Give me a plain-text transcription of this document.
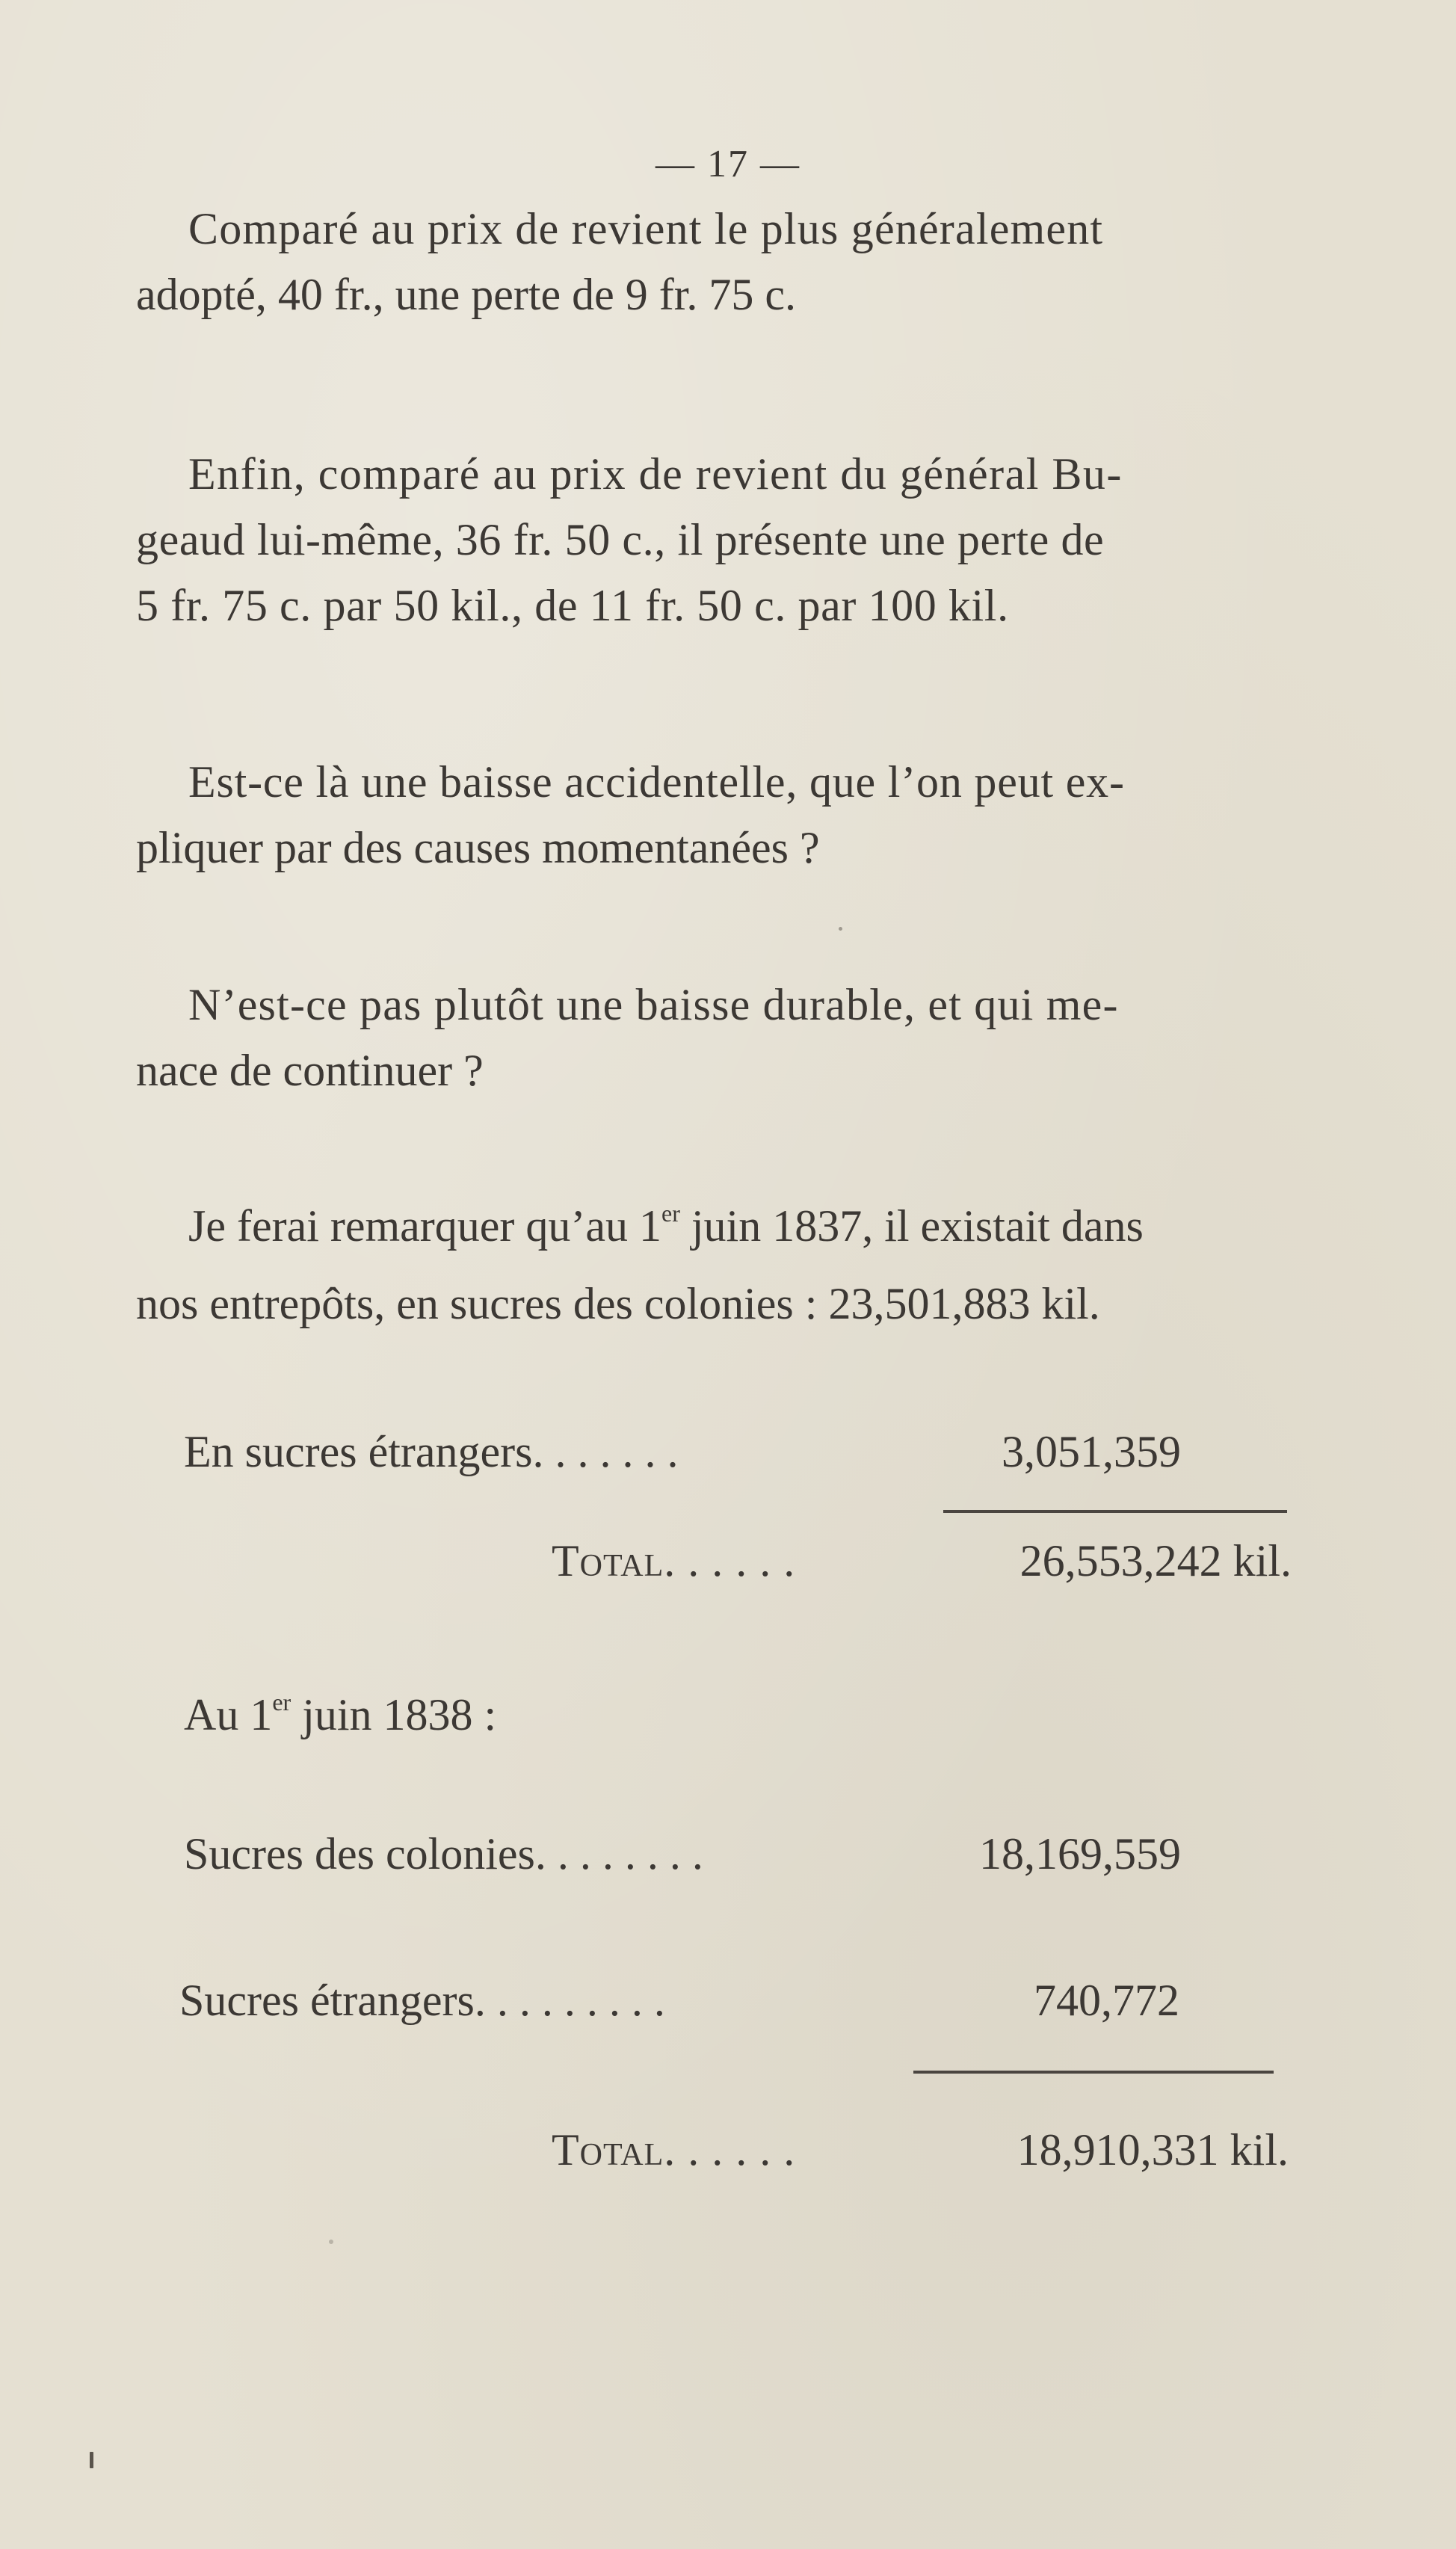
— 17 —
Comparé au prix de revient le plus généralement
adopté, 40 fr., une perte de 9 fr. 75 c.
Enfin, comparé au prix de revient du général Bu-
geaud lui-même, 36 fr. 50 c., il présente une perte de
5 fr. 75 c. par 50 kil., de 11 fr. 50 c. par 100 kil.
Est-ce là une baisse accidentelle, que l’on peut ex-
pliquer par des causes momentanées ?
N’est-ce pas plutôt une baisse durable, et qui me-
nace de continuer ?
Je ferai remarquer qu’au 1er juin 1837, il existait dans
nos entrepôts, en sucres des colonies : 23,501,883 kil.
En sucres étrangers. . . . . . .	3,051,359
Total. . . . . .	26,553,242 kil.
Au 1er juin 1838 :
Sucres des colonies. . . . . . . .	18,169,559
Sucres étrangers. . . . . . . . .	740,772
Total. . . . . .	18,910,331 kil.
